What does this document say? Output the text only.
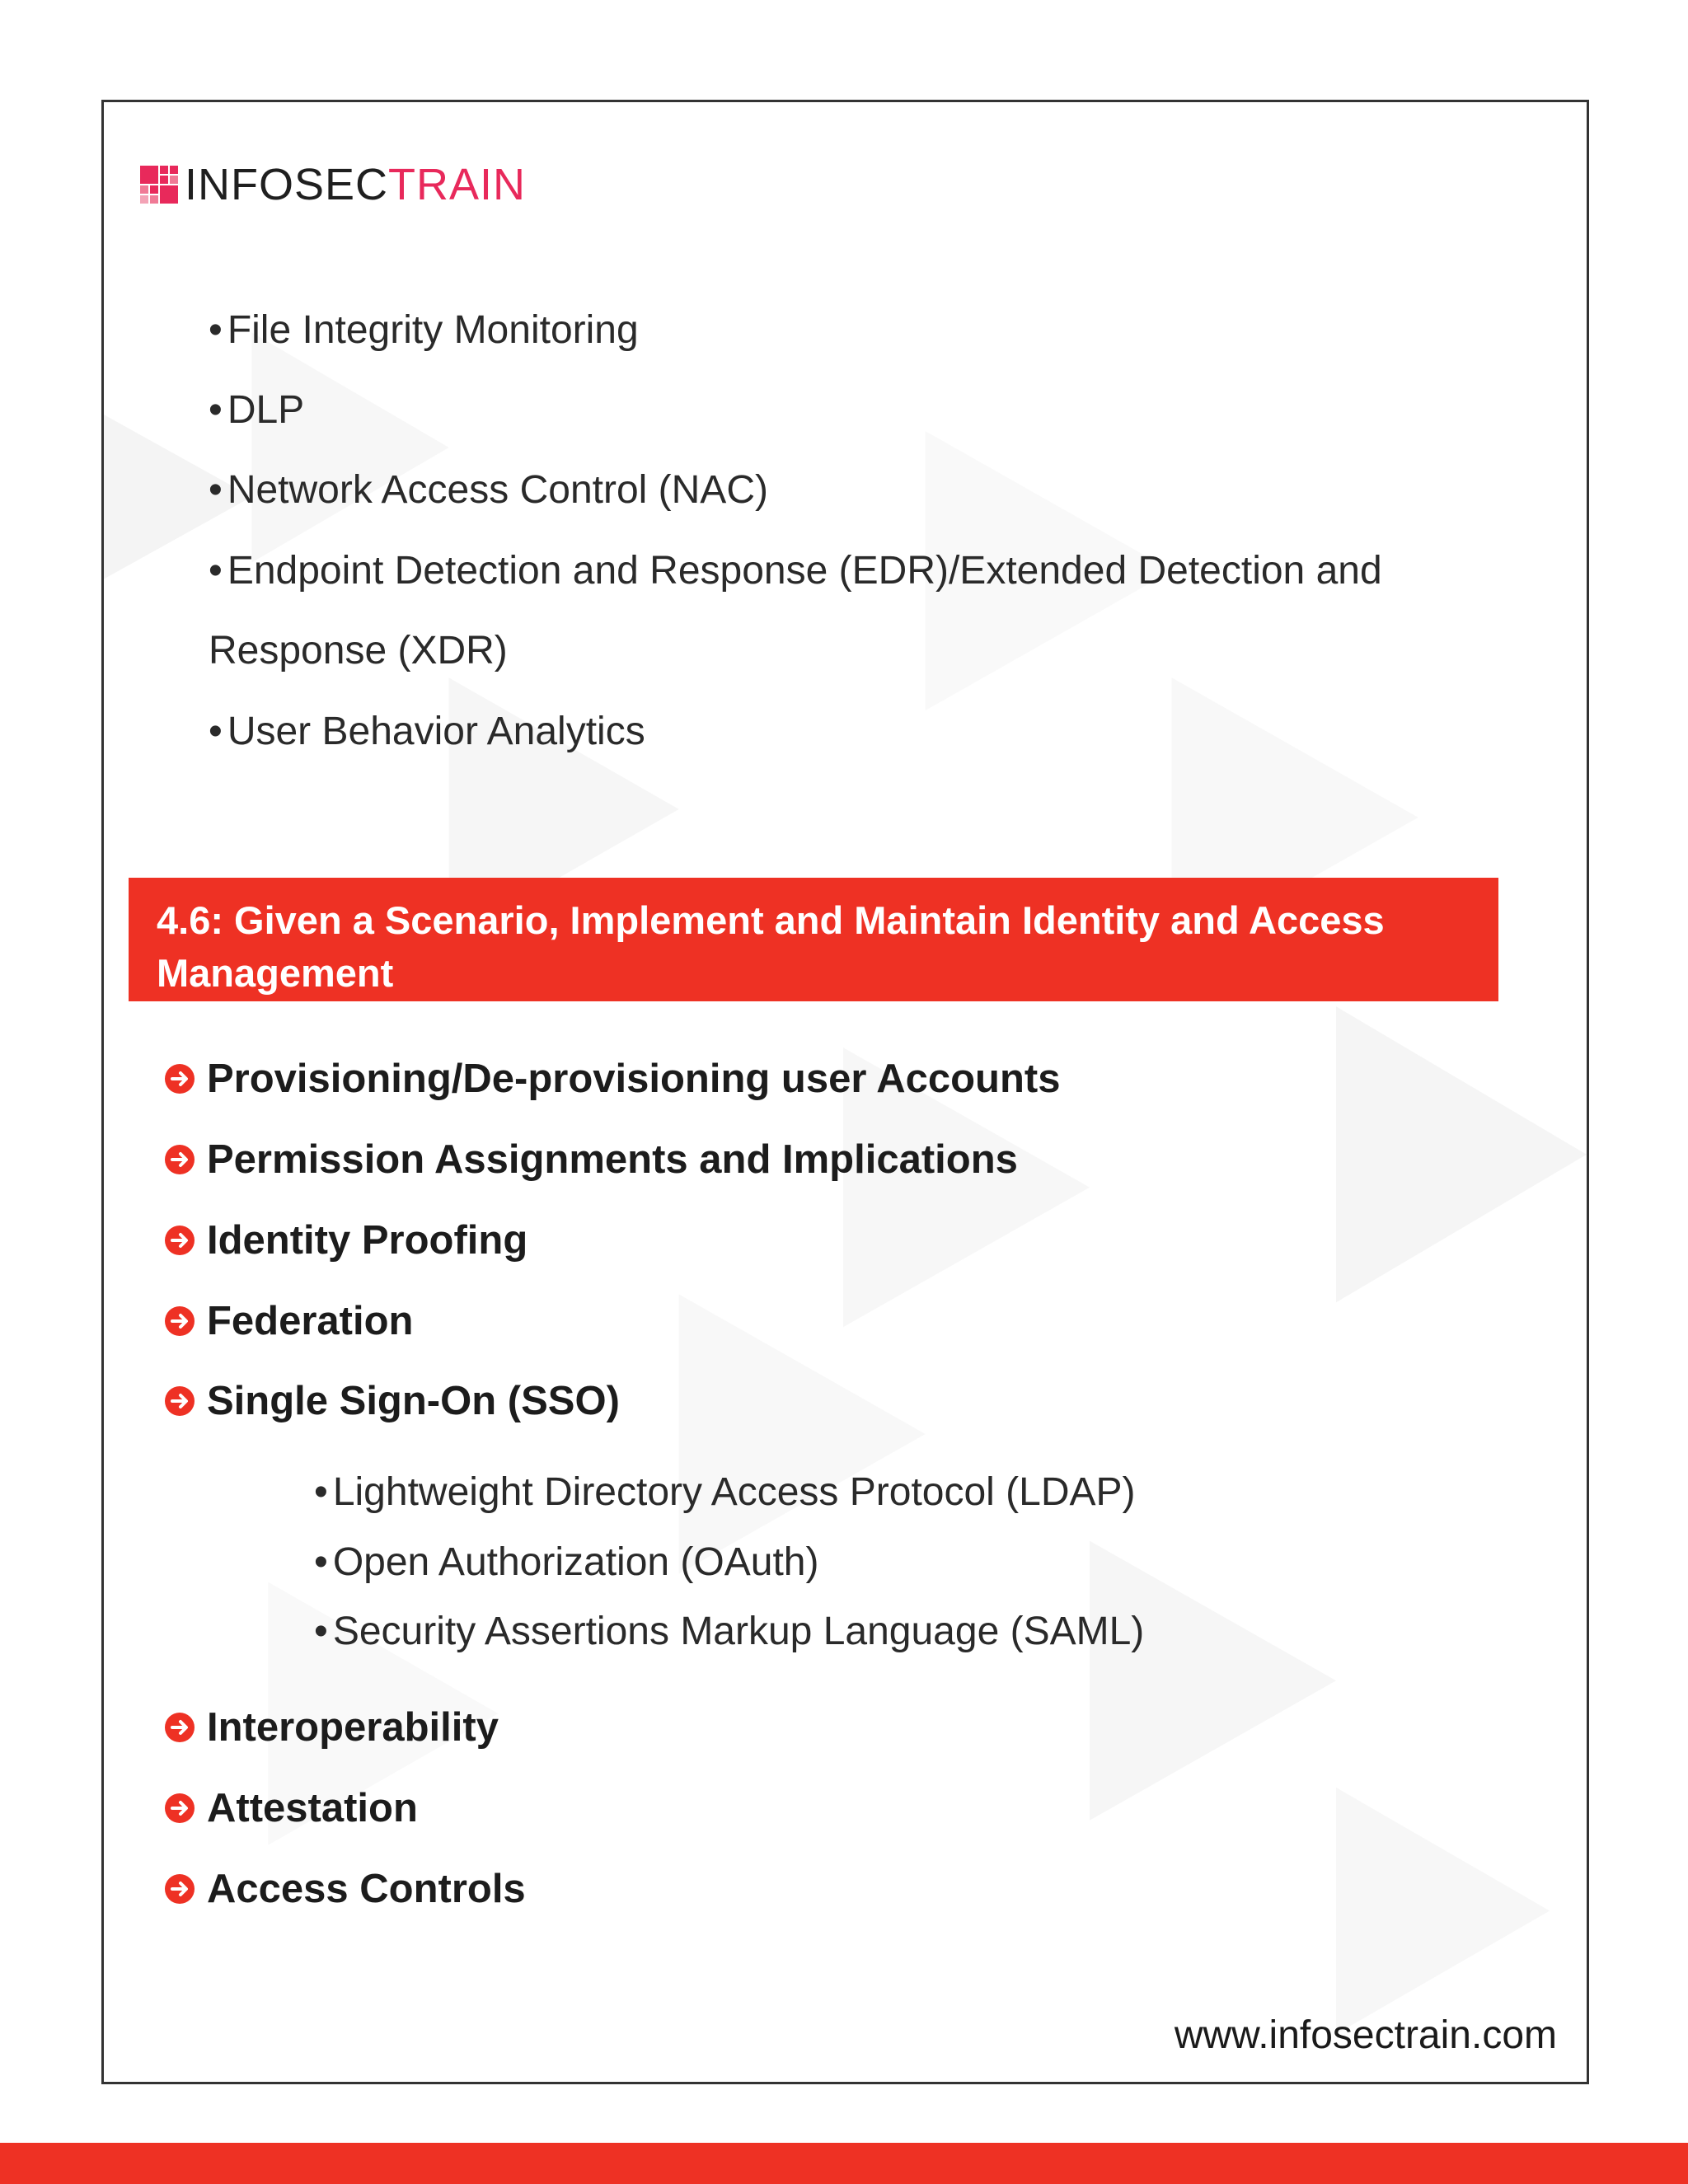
INFOSECTRAIN
• File Integrity Monitoring
• DLP
• Network Access Control (NAC)
• Endpoint Detection and Response (EDR)/Extended Detection and
Response (XDR)
• User Behavior Analytics
4.6: Given a Scenario, Implement and Maintain Identity and Access
Management
Provisioning/De-provisioning user Accounts
Permission Assignments and Implications
Identity Proofing
Federation
Single Sign-On (SSO)
• Lightweight Directory Access Protocol (LDAP)
• Open Authorization (OAuth)
• Security Assertions Markup Language (SAML)
Interoperability
Attestation
Access Controls
www.infosectrain.com
